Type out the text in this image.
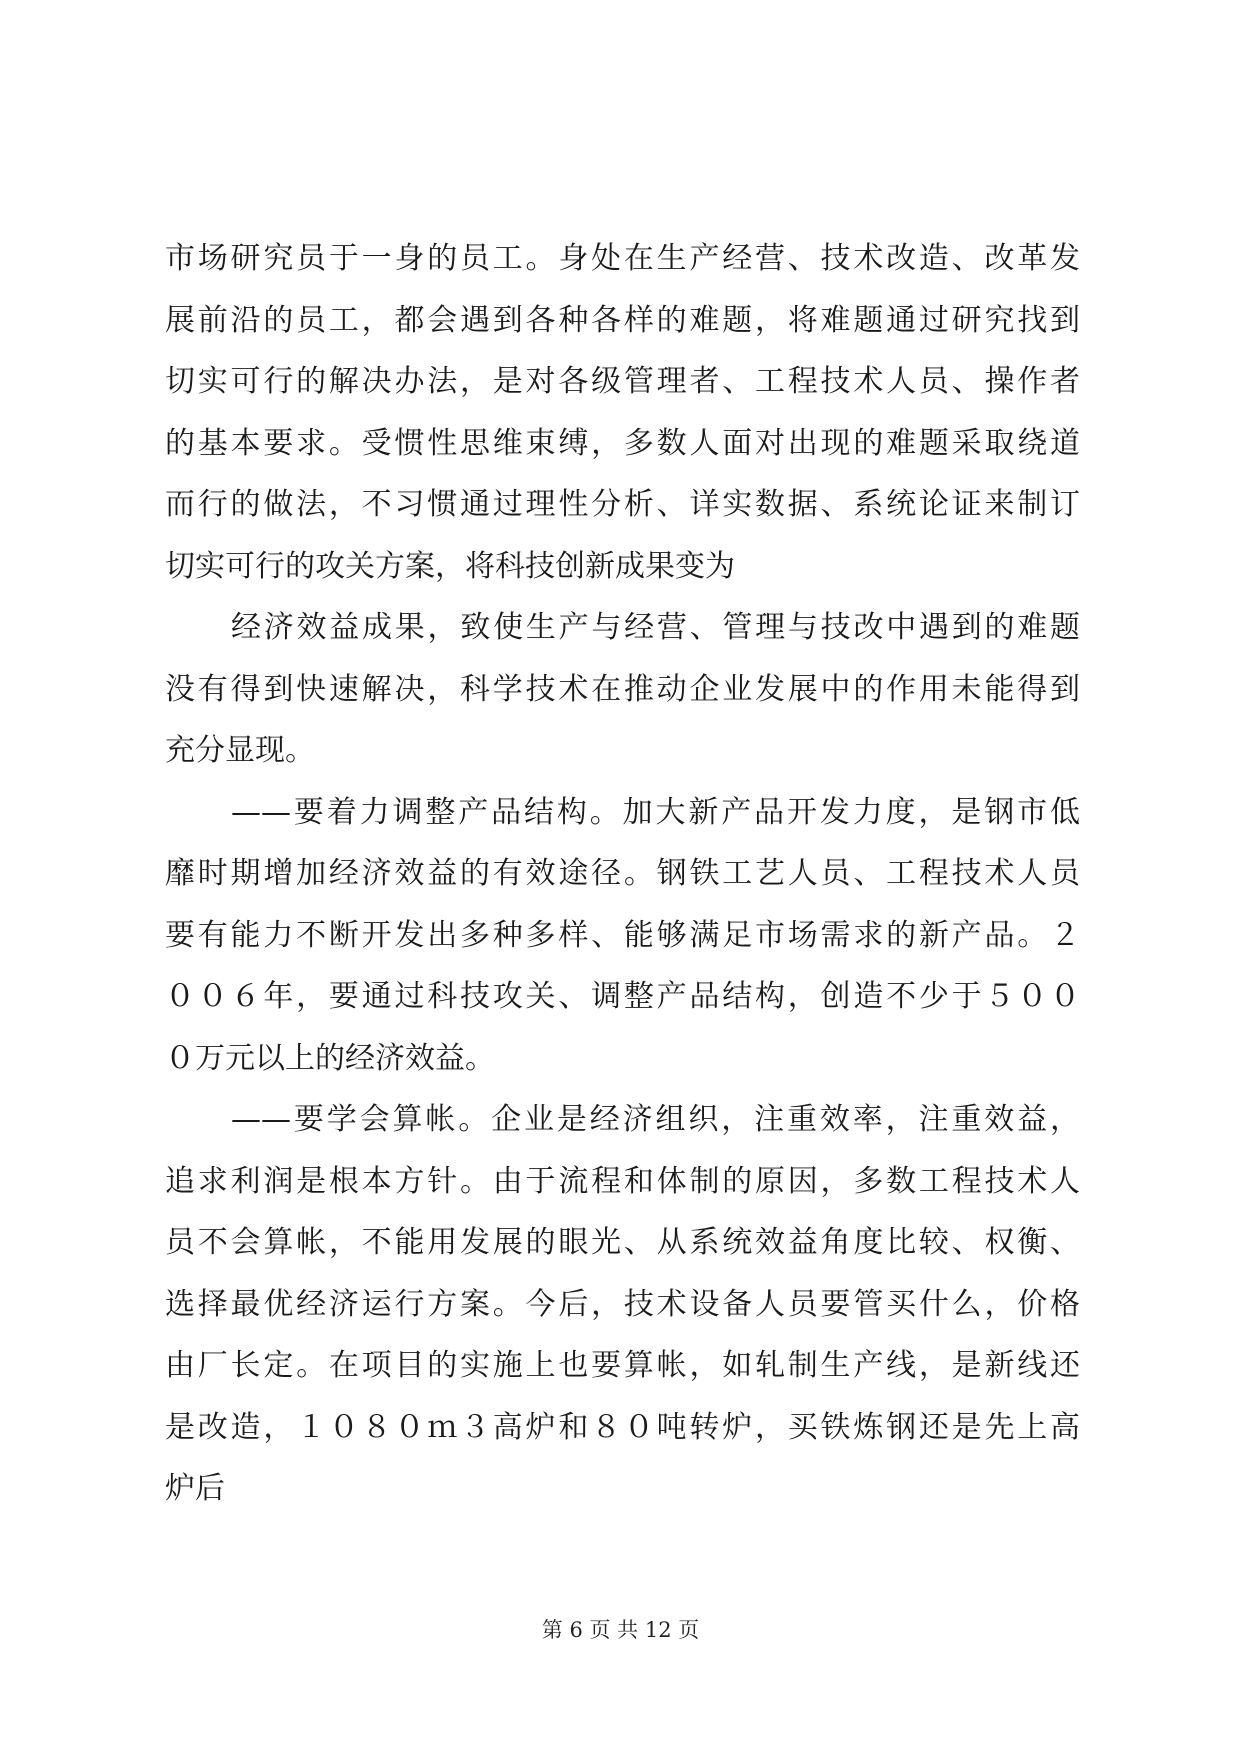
市场研究员于一身的员工。身处在生产经营、技术改造、改革发
展前沿的员工，都会遇到各种各样的难题，将难题通过研究找到
切实可行的解决办法，是对各级管理者、工程技术人员、操作者
的基本要求。受惯性思维束缚，多数人面对出现的难题采取绕道
而行的做法，不习惯通过理性分析、详实数据、系统论证来制订
切实可行的攻关方案，将科技创新成果变为
经济效益成果，致使生产与经营、管理与技改中遇到的难题
没有得到快速解决，科学技术在推动企业发展中的作用未能得到
充分显现。
——要着力调整产品结构。加大新产品开发力度，是钢市低
靡时期增加经济效益的有效途径。钢铁工艺人员、工程技术人员
要有能力不断开发出多种多样、能够满足市场需求的新产品。２
００６年，要通过科技攻关、调整产品结构，创造不少于５００
０万元以上的经济效益。
——要学会算帐。企业是经济组织，注重效率，注重效益，
追求利润是根本方针。由于流程和体制的原因，多数工程技术人
员不会算帐，不能用发展的眼光、从系统效益角度比较、权衡、
选择最优经济运行方案。今后，技术设备人员要管买什么，价格
由厂长定。在项目的实施上也要算帐，如轧制生产线，是新线还
是改造，１０８０ｍ３高炉和８０吨转炉，买铁炼钢还是先上高
炉后
第 6 页 共 12 页
